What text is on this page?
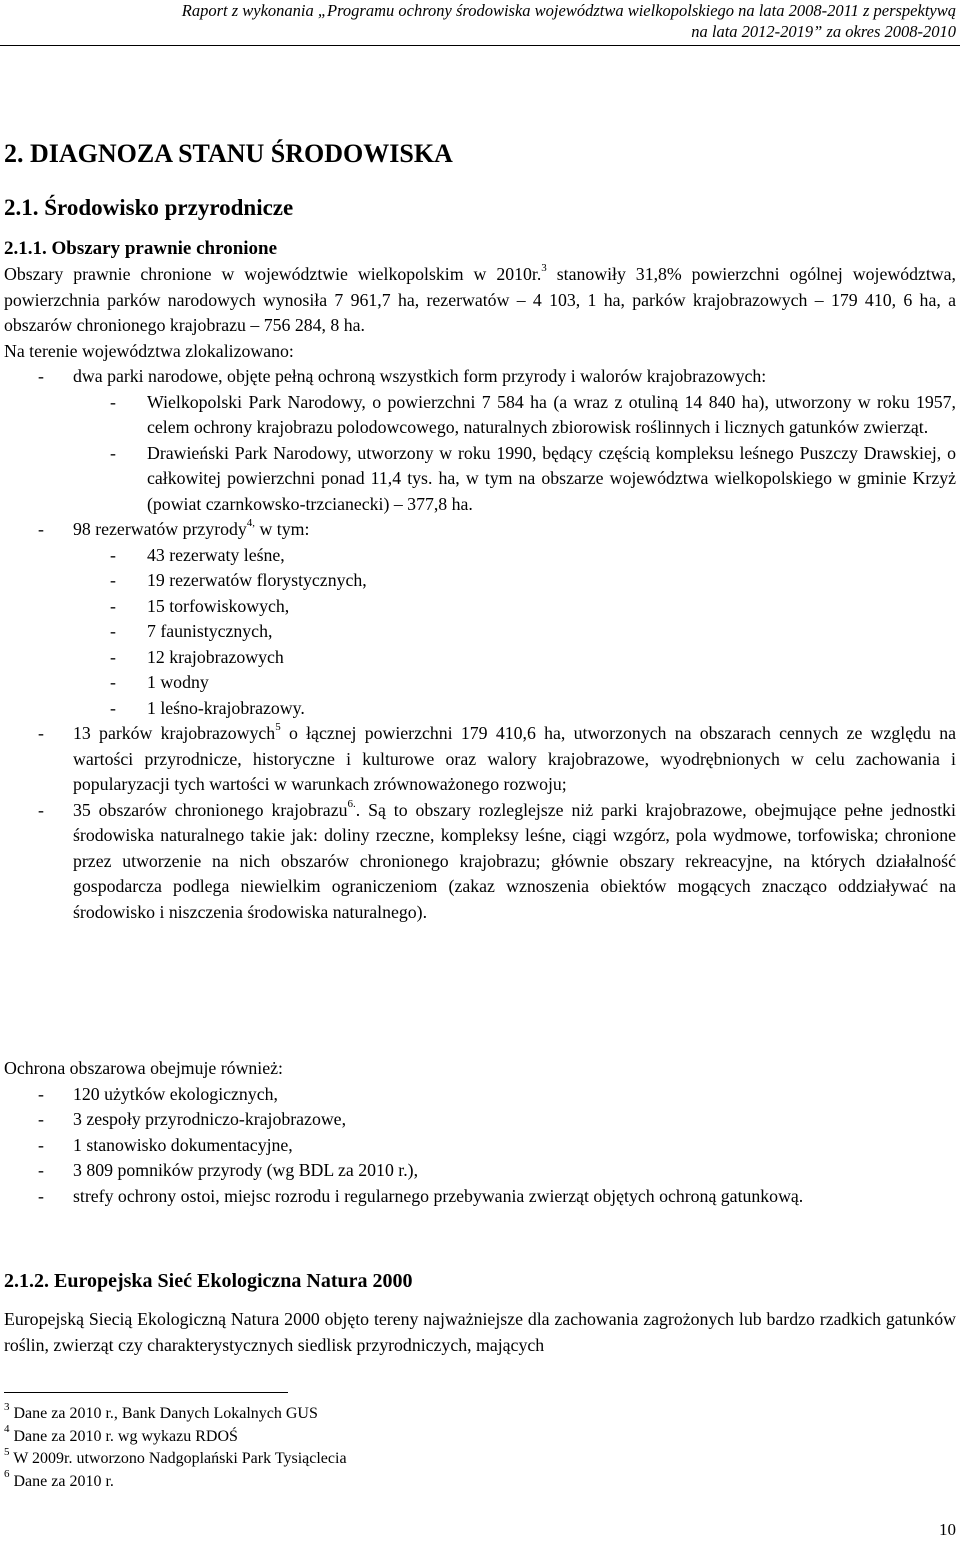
Raport z wykonania „Programu ochrony środowiska województwa wielkopolskiego na lata 2008-2011 z perspektywą
na lata 2012-2019” za okres 2008-2010
2. DIAGNOZA STANU ŚRODOWISKA
2.1. Środowisko przyrodnicze
2.1.1. Obszary prawnie chronione

Obszary prawnie chronione w województwie wielkopolskim w 2010r.$^3$ stanowiły 31,8% powierzchni ogólnej województwa, powierzchnia parków narodowych wynosiła 7 961,7 ha, rezerwatów – 4 103, 1 ha, parków krajobrazowych – 179 410, 6 ha, a obszarów chronionego krajobrazu – 756 284, 8 ha.

Na terenie województwa zlokalizowano:

- dwa parki narodowe, objęte pełną ochroną wszystkich form przyrody i walorów krajobrazowych:
- Wielkopolski Park Narodowy, o powierzchni 7 584 ha (a wraz z otuliną 14 840 ha), utworzony w roku 1957, celem ochrony krajobrazu polodowcowego, naturalnych zbiorowisk roślinnych i licznych gatunków zwierząt.
- Drawieński Park Narodowy, utworzony w roku 1990, będący częścią kompleksu leśnego Puszczy Drawskiej, o całkowitej powierzchni ponad 11,4 tys. ha, w tym na obszarze województwa wielkopolskiego w gminie Krzyż (powiat czarnkowsko-trzcianecki) – 377,8 ha.
- 98 rezerwatów przyrody$^{4,}$ w tym:
- 43 rezerwaty leśne,
- 19 rezerwatów florystycznych,
- 15 torfowiskowych,
- 7 faunistycznych,
- 12 krajobrazowych
- 1 wodny
- 1 leśno-krajobrazowy.
- 13 parków krajobrazowych$^5$ o łącznej powierzchni 179 410,6 ha, utworzonych na obszarach cennych ze względu na wartości przyrodnicze, historyczne i kulturowe oraz walory krajobrazowe, wyodrębnionych w celu zachowania i popularyzacji tych wartości w warunkach zrównoważonego rozwoju;
- 35 obszarów chronionego krajobrazu$^{6.}$. Są to obszary rozleglejsze niż parki krajobrazowe, obejmujące pełne jednostki środowiska naturalnego takie jak: doliny rzeczne, kompleksy leśne, ciągi wzgórz, pola wydmowe, torfowiska; chronione przez utworzenie na nich obszarów chronionego krajobrazu; głównie obszary rekreacyjne, na których działalność gospodarcza podlega niewielkim ograniczeniom (zakaz wznoszenia obiektów mogących znacząco oddziaływać na środowisko i niszczenia środowiska naturalnego).

Ochrona obszarowa obejmuje również:

- 120 użytków ekologicznych,
- 3 zespoły przyrodniczo-krajobrazowe,
- 1 stanowisko dokumentacyjne,
- 3 809 pomników przyrody (wg BDL za 2010 r.),
- strefy ochrony ostoi, miejsc rozrodu i regularnego przebywania zwierząt objętych ochroną gatunkową.
2.1.2. Europejska Sieć Ekologiczna Natura 2000

Europejską Siecią Ekologiczną Natura 2000 objęto tereny najważniejsze dla zachowania zagrożonych lub bardzo rzadkich gatunków roślin, zwierząt czy charakterystycznych siedlisk przyrodniczych, mających

$^3$ Dane za 2010 r., Bank Danych Lokalnych GUS
$^4$ Dane za 2010 r. wg wykazu RDOŚ
$^5$ W 2009r. utworzono Nadgoplański Park Tysiąclecia
$^6$ Dane za 2010 r.
10
